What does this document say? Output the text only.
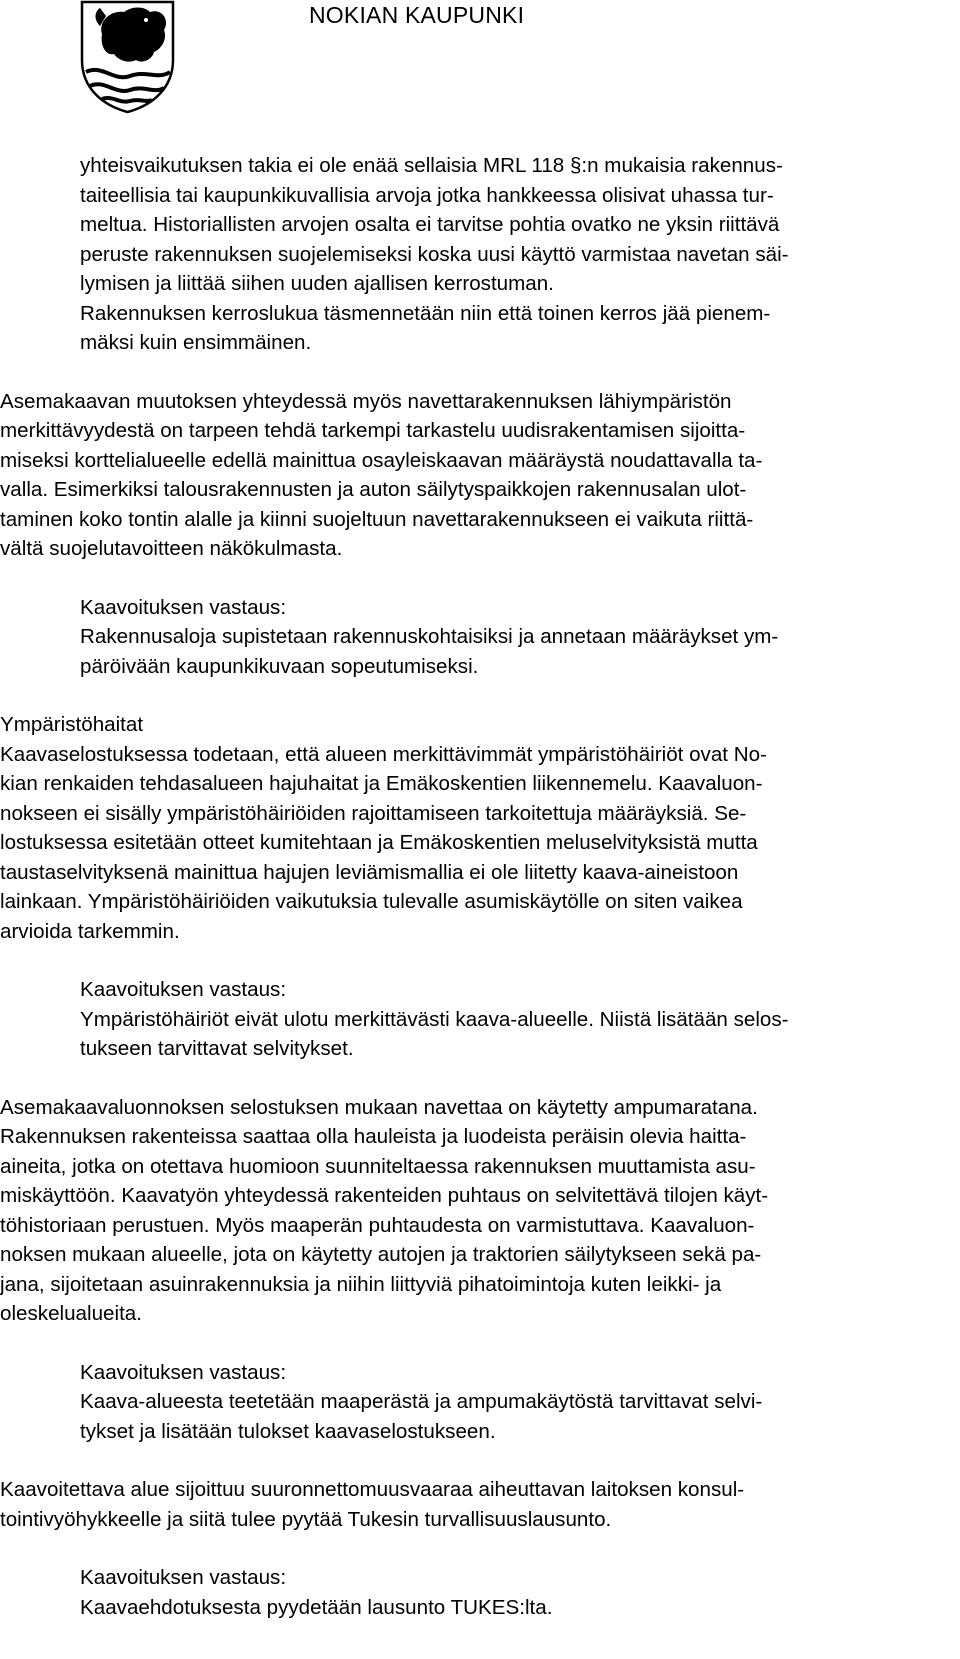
NOKIAN KAUPUNKI

yhteisvaikutuksen takia ei ole enää sellaisia MRL 118 §:n mukaisia rakennus-
taiteellisia tai kaupunkikuvallisia arvoja jotka hankkeessa olisivat uhassa tur-
meltua. Historiallisten arvojen osalta ei tarvitse pohtia ovatko ne yksin riittävä
peruste rakennuksen suojelemiseksi koska uusi käyttö varmistaa navetan säi-
lymisen ja liittää siihen uuden ajallisen kerrostuman.
Rakennuksen kerroslukua täsmennetään niin että toinen kerros jää pienem-
mäksi kuin ensimmäinen.

Asemakaavan muutoksen yhteydessä myös navettarakennuksen lähiympäristön
merkittävyydestä on tarpeen tehdä tarkempi tarkastelu uudisrakentamisen sijoitta-
miseksi korttelialueelle edellä mainittua osayleiskaavan määräystä noudattavalla ta-
valla. Esimerkiksi talousrakennusten ja auton säilytyspaikkojen rakennusalan ulot-
taminen koko tontin alalle ja kiinni suojeltuun navettarakennukseen ei vaikuta riittä-
vältä suojelutavoitteen näkökulmasta.

Kaavoituksen vastaus:
Rakennusaloja supistetaan rakennuskohtaisiksi ja annetaan määräykset ym-
päröivään kaupunkikuvaan sopeutumiseksi.

Ympäristöhaitat
Kaavaselostuksessa todetaan, että alueen merkittävimmät ympäristöhäiriöt ovat No-
kian renkaiden tehdasalueen hajuhaitat ja Emäkoskentien liikennemelu. Kaavaluon-
nokseen ei sisälly ympäristöhäiriöiden rajoittamiseen tarkoitettuja määräyksiä. Se-
lostuksessa esitetään otteet kumitehtaan ja Emäkoskentien meluselvityksistä mutta
taustaselvityksenä mainittua hajujen leviämismallia ei ole liitetty kaava-aineistoon
lainkaan. Ympäristöhäiriöiden vaikutuksia tulevalle asumiskäytölle on siten vaikea
arvioida tarkemmin.

Kaavoituksen vastaus:
Ympäristöhäiriöt eivät ulotu merkittävästi kaava-alueelle. Niistä lisätään selos-
tukseen tarvittavat selvitykset.

Asemakaavaluonnoksen selostuksen mukaan navettaa on käytetty ampumaratana.
Rakennuksen rakenteissa saattaa olla hauleista ja luodeista peräisin olevia haitta-
aineita, jotka on otettava huomioon suunniteltaessa rakennuksen muuttamista asu-
miskäyttöön. Kaavatyön yhteydessä rakenteiden puhtaus on selvitettävä tilojen käyt-
töhistoriaan perustuen. Myös maaperän puhtaudesta on varmistuttava. Kaavaluon-
noksen mukaan alueelle, jota on käytetty autojen ja traktorien säilytykseen sekä pa-
jana, sijoitetaan asuinrakennuksia ja niihin liittyviä pihatoimintoja kuten leikki- ja
oleskelualueita.

Kaavoituksen vastaus:
Kaava-alueesta teetetään maaperästä ja ampumakäytöstä tarvittavat selvi-
tykset ja lisätään tulokset kaavaselostukseen.

Kaavoitettava alue sijoittuu suuronnettomuusvaaraa aiheuttavan laitoksen konsul-
tointivyöhykkeelle ja siitä tulee pyytää Tukesin turvallisuuslausunto.

Kaavoituksen vastaus:
Kaavaehdotuksesta pyydetään lausunto TUKES:lta.
